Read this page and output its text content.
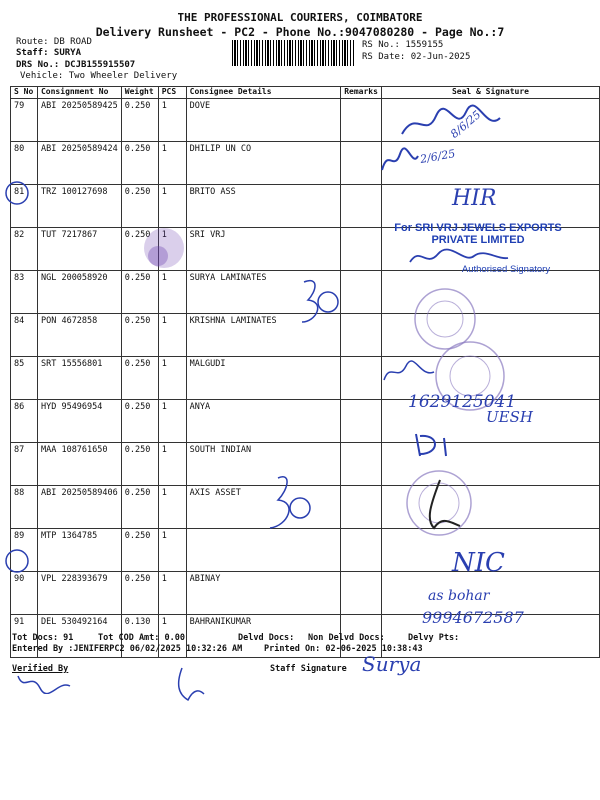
THE PROFESSIONAL COURIERS, COIMBATORE
Delivery Runsheet - PC2 - Phone No.:9047080280 - Page No.:7
Route: DB ROAD
Staff: SURYA
DRS No.: DCJB155915507
Vehicle: Two Wheeler Delivery
RS No.: 1559155
RS Date: 02-Jun-2025
S No	Consignment No	Weight	PCS	Consignee Details	Remarks	Seal & Signature
79	ABI 20250589425	0.250	1	DOVE		
80	ABI 20250589424	0.250	1	DHILIP UN CO		
81	TRZ 100127698	0.250	1	BRITO ASS		
82	TUT 7217867	0.250	1	SRI VRJ		
83	NGL 200058920	0.250	1	SURYA LAMINATES		
84	PON 4672858	0.250	1	KRISHNA LAMINATES		
85	SRT 15556801	0.250	1	MALGUDI		
86	HYD 95496954	0.250	1	ANYA		
87	MAA 108761650	0.250	1	SOUTH INDIAN		
88	ABI 20250589406	0.250	1	AXIS ASSET		
89	MTP 1364785	0.250	1			
90	VPL 228393679	0.250	1	ABINAY		
91	DEL 530492164	0.130	1	BAHRANIKUMAR		
8/6/25
2/6/25
HIR
For SRI VRJ JEWELS EXPORTS
PRIVATE LIMITED
Authorised Signatory
1629125041
UESH
NIC
as bohar
9994672587
Tot Docs: 91	Tot COD Amt: 0.00	Delvd Docs: Non Delvd Docs:	Delvy Pts:
Entered By :JENIFERPC2 06/02/2025 10:32:26 AM	Printed On: 02-06-2025 10:38:43
Verified By	Staff Signature Surya
